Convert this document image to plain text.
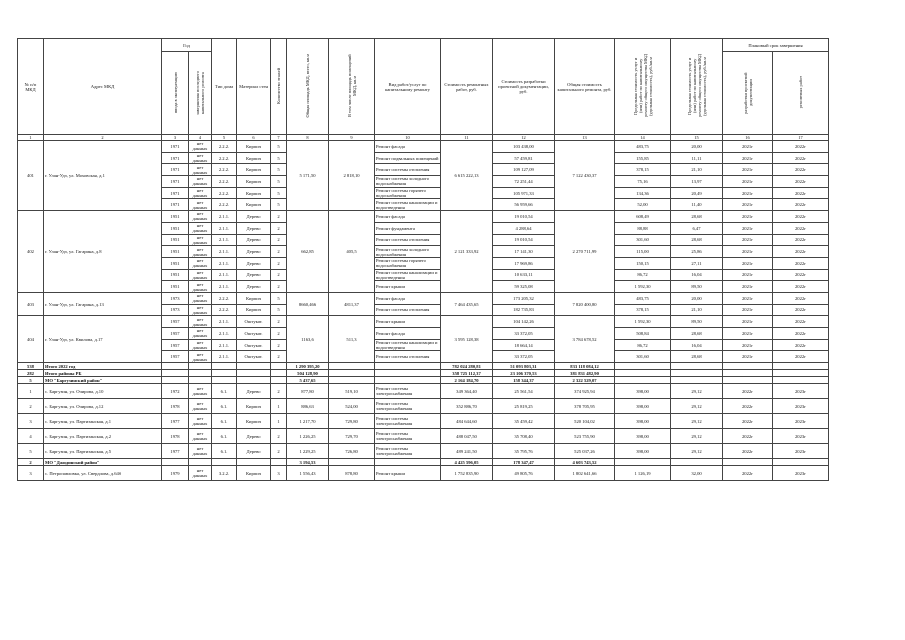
№ п/п МКД	Адрес МКД	Год		Тип дома	Материал стен	Количество этажей	Общая площадь МКД, всего, кв.м	В том числе площадь помещений МКД, кв.м	Вид работ/услуг по капитальному ремонту	Стоимость ремонтных работ, руб.	Стоимость разработки проектной документации, руб.	Общая стоимость капитального ремонта, руб.	Предельная стоимость услуг и (или) работ по капитальному ремонту общего имущества МКД (удельная стоимость), руб./кв.м	Предельная стоимость услуг и (или) работ по капитальному ремонту общего имущества МКД (удельная стоимость), руб./кв.м	Плановый срок завершения	
		ввода в эксплуатацию	завершения последнего капитального ремонта												разработки проектной документации	ремонтных работ
1	2	3	4	5	6	7	8	9	10	11	12	13	14	15	16	17
401	г. Улан-Удэ, ул. Моховская, д.1	1971	нет данных	2.2.2.	Кирпич	5	5 171,50	2 818,10	Ремонт фасада	6 615 222,13	103 438,00	7 122 430,37	483,75	20,00	2021г	2022г
		1971	нет данных	2.2.2.	Кирпич	5			Ремонт подвальных помещений		57 459,81		155,85	11,11	2021г	2022г
		1971	нет данных	2.2.2.	Кирпич	5			Ремонт системы отопления		109 127,09		378,15	21,10	2021г	2022г
		1971	нет данных	2.2.2.	Кирпич	5			Ремонт системы холодного водоснабжения		72 251,44		75,16	13,97	2021г	2022г
		1971	нет данных	2.2.2.	Кирпич	5			Ремонт системы горячего водоснабжения		105 971,33		134,36	20,49	2021г	2022г
		1971	нет данных	2.2.2.	Кирпич	5			Ремонт системы канализации и водоотведения		56 959,66		52,00	11,40	2021г	2022г
402	г. Улан-Удэ, ул. Гагарина, д.8	1951	нет данных	2.1.1.	Дерево	2	662,85	405,5	Ремонт фасада	2 121 333,92	19 010,54	2 270 711,99	608,49	28,68	2021г	2022г
		1951	нет данных	2.1.1.	Дерево	2			Ремонт фундамента		4 288,64		88,88	6,47	2021г	2022г
		1951	нет данных	2.1.1.	Дерево	2			Ремонт системы отопления		19 010,54		301,60	28,68	2021г	2022г
		1951	нет данных	2.1.1.	Дерево	2			Ремонт системы холодного водоснабжения		17 141,30		115,00	25,86	2021г	2022г
		1951	нет данных	2.1.1.	Дерево	2			Ремонт системы горячего водоснабжения		17 969,86		150,15	27,11	2021г	2022г
		1951	нет данных	2.1.1.	Дерево	2			Ремонт системы канализации и водоотведения		10 633,11		86,72	16,04	2021г	2022г
		1951	нет данных	2.1.1.	Дерево	2			Ремонт крыши		59 325,08		1 592,30	89,50	2021г	2022г
403	г. Улан-Удэ, ул. Гагарина, д.13	1973	нет данных	2.2.2.	Кирпич	5	8660,466	4811,37	Ремонт фасада	7 464 435,65	173 205,32	7 820 400,80	483,75	20,00	2021г	2022г
		1973	нет данных	2.2.2.	Кирпич	5			Ремонт системы отопления		182 735,83		378,15	21,10	2021г	2022г
404	г. Улан-Удэ, ул. Квилова, д.17	1957	нет данных	2.1.1.	Оштукат.	2	1163,6	511,3	Ремонт крыши	3 595 128,38	104 142,26	3 784 678,52	1 592,30	89,50	2021г	2022г
		1957	нет данных	2.1.1.	Оштукат.	2			Ремонт фасада		33 372,05		508,84	28,68	2021г	2022г
		1957	нет данных	2.1.1.	Оштукат.	2			Ремонт системы канализации и водоотведения		18 664,14		86,72	16,04	2021г	2022г
		1957	нет данных	2.1.1.	Оштукат.	2			Ремонт системы отопления		33 372,05		301,60	28,68	2021г	2022г
538	Итого 2022 год						1 290 395,20			782 024 280,81	51 093 803,31	833 118 084,12				
282	Итого районы РБ						504 128,90			358 725 112,37	23 106 370,53	381 831 482,90				
5	МО "Баргузинский район"						5 437,65			2 164 184,70	158 344,37	2 322 529,07				
1	с. Баргузин, ул. Очирова, д.10	1972	нет данных	6.1.	Дерево	2	877,80	519,10	Ремонт системы электроснабжения	349 364,40	25 561,54	374 925,94	398,00	29,12	2022г	2023г
2	с. Баргузин, ул. Очирова, д.12	1978	нет данных	6.1.	Кирпич	1	886,63	524,00	Ремонт системы электроснабжения	352 886,70	25 819,25	378 705,95	398,00	29,12	2022г	2023г
3	с. Баргузин, ул. Партизанская, д.1	1977	нет данных	6.1.	Кирпич	1	1 217,70	729,80	Ремонт системы электроснабжения	484 644,60	35 459,42	520 104,02	398,00	29,12	2022г	2023г
4	с. Баргузин, ул. Партизанская, д.2	1978	нет данных	6.1.	Дерево	2	1 226,25	729,70	Ремонт системы электроснабжения	488 047,50	35 708,40	523 755,90	398,00	29,12	2022г	2023г
5	с. Баргузин, ул. Партизанская, д.5	1977	нет данных	6.1.	Дерево	2	1 229,25	726,80	Ремонт системы электроснабжения	489 241,50	35 795,76	525 037,26	398,00	29,12	2022г	2023г
2	МО "Джидинский район"						3 194,53			4 425 596,05	178 347,47	4 603 743,52				
3	с. Петропавловка, ул. Свердлова, д.64б	1979	нет данных	3.2.2.	Кирпич	3	1 556,43	878,80	Ремонт крыши	1 752 835,90	49 805,76	1 802 641,66	1 126,19	32,00	2022г	2023г
